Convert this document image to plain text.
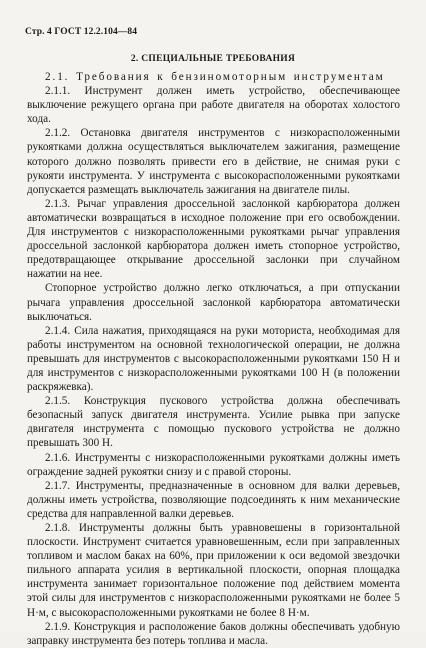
Стр. 4 ГОСТ 12.2.104—84
2. СПЕЦИАЛЬНЫЕ ТРЕБОВАНИЯ

2.1. Требования к бензиномоторным инструментам

2.1.1. Инструмент должен иметь устройство, обеспечивающее выключение режущего органа при работе двигателя на оборотах холостого хода.

2.1.2. Остановка двигателя инструментов с низкорасположенными рукоятками должна осуществляться выключателем зажигания, размещение которого должно позволять привести его в действие, не снимая руки с рукояти инструмента. У инструмента с высокорасположенными рукоятками допускается размещать выключатель зажигания на двигателе пилы.

2.1.3. Рычаг управления дроссельной заслонкой карбюратора должен автоматически возвращаться в исходное положение при его освобождении. Для инструментов с низкорасположенными рукоятками рычаг управления дроссельной заслонкой карбюратора должен иметь стопорное устройство, предотвращающее открывание дроссельной заслонки при случайном нажатии на нее.

Стопорное устройство должно легко отключаться, а при отпускании рычага управления дроссельной заслонкой карбюратора автоматически выключаться.

2.1.4. Сила нажатия, приходящаяся на руки моториста, необходимая для работы инструментом на основной технологической операции, не должна превышать для инструментов с высокорасположенными рукоятками 150 Н и для инструментов с низкорасположенными рукоятками 100 Н (в положении раскряжевка).

2.1.5. Конструкция пускового устройства должна обеспечивать безопасный запуск двигателя инструмента. Усилие рывка при запуске двигателя инструмента с помощью пускового устройства не должно превышать 300 Н.

2.1.6. Инструменты с низкорасположенными рукоятками должны иметь ограждение задней рукоятки снизу и с правой стороны.

2.1.7. Инструменты, предназначенные в основном для валки деревьев, должны иметь устройства, позволяющие подсоединять к ним механические средства для направленной валки деревьев.

2.1.8. Инструменты должны быть уравновешены в горизонтальной плоскости. Инструмент считается уравновешенным, если при заправленных топливом и маслом баках на 60%, при приложении к оси ведомой звездочки пильного аппарата усилия в вертикальной плоскости, опорная площадка инструмента занимает горизонтальное положение под действием момента этой силы для инструментов с низкорасположенными рукоятками не более 5 Н·м, с высокорасположенными рукоятками не более 8 Н·м.

2.1.9. Конструкция и расположение баков должны обеспечивать удобную заправку инструмента без потерь топлива и масла.
